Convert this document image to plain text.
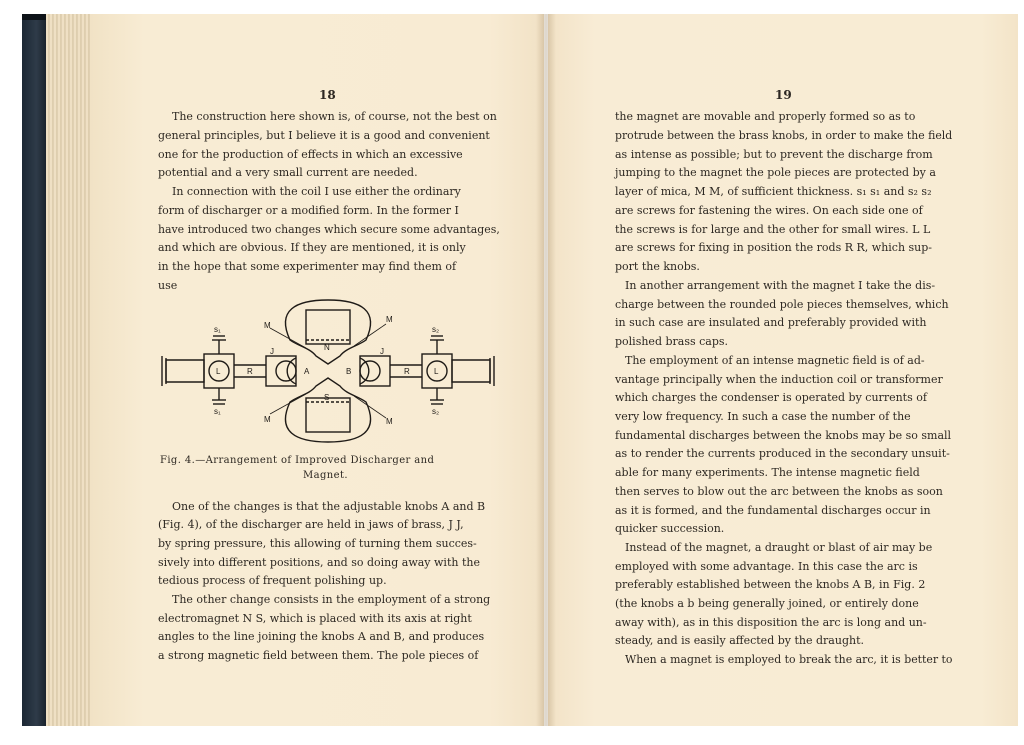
18
The construction here shown is, of course, not the best on
general principles, but I believe it is a good and convenient
one for the production of effects in which an excessive
potential and a very small current are needed.
In connection with the coil I use either the ordinary
form of discharger or a modified form. In the former I
have introduced two changes which secure some advantages,
and which are obvious. If they are mentioned, it is only
in the hope that some experimenter may find them of
use
M
M
M	M
N
S
J	J
A	B
R	R
L	L
s₁
s₁
s₂
s₂
Fig. 4.—Arrangement of Improved Discharger and
Magnet.
One of the changes is that the adjustable knobs A and B
(Fig. 4), of the discharger are held in jaws of brass, J J,
by spring pressure, this allowing of turning them succes-
sively into different positions, and so doing away with the
tedious process of frequent polishing up.
The other change consists in the employment of a strong
electromagnet N S, which is placed with its axis at right
angles to the line joining the knobs A and B, and produces
a strong magnetic field between them. The pole pieces of
19
the magnet are movable and properly formed so as to
protrude between the brass knobs, in order to make the field
as intense as possible; but to prevent the discharge from
jumping to the magnet the pole pieces are protected by a
layer of mica, M M, of sufficient thickness. s₁ s₁ and s₂ s₂
are screws for fastening the wires. On each side one of
the screws is for large and the other for small wires. L L
are screws for fixing in position the rods R R, which sup-
port the knobs.
In another arrangement with the magnet I take the dis-
charge between the rounded pole pieces themselves, which
in such case are insulated and preferably provided with
polished brass caps.
The employment of an intense magnetic field is of ad-
vantage principally when the induction coil or transformer
which charges the condenser is operated by currents of
very low frequency. In such a case the number of the
fundamental discharges between the knobs may be so small
as to render the currents produced in the secondary unsuit-
able for many experiments. The intense magnetic field
then serves to blow out the arc between the knobs as soon
as it is formed, and the fundamental discharges occur in
quicker succession.
Instead of the magnet, a draught or blast of air may be
employed with some advantage. In this case the arc is
preferably established between the knobs A B, in Fig. 2
(the knobs a b being generally joined, or entirely done
away with), as in this disposition the arc is long and un-
steady, and is easily affected by the draught.
When a magnet is employed to break the arc, it is better to
